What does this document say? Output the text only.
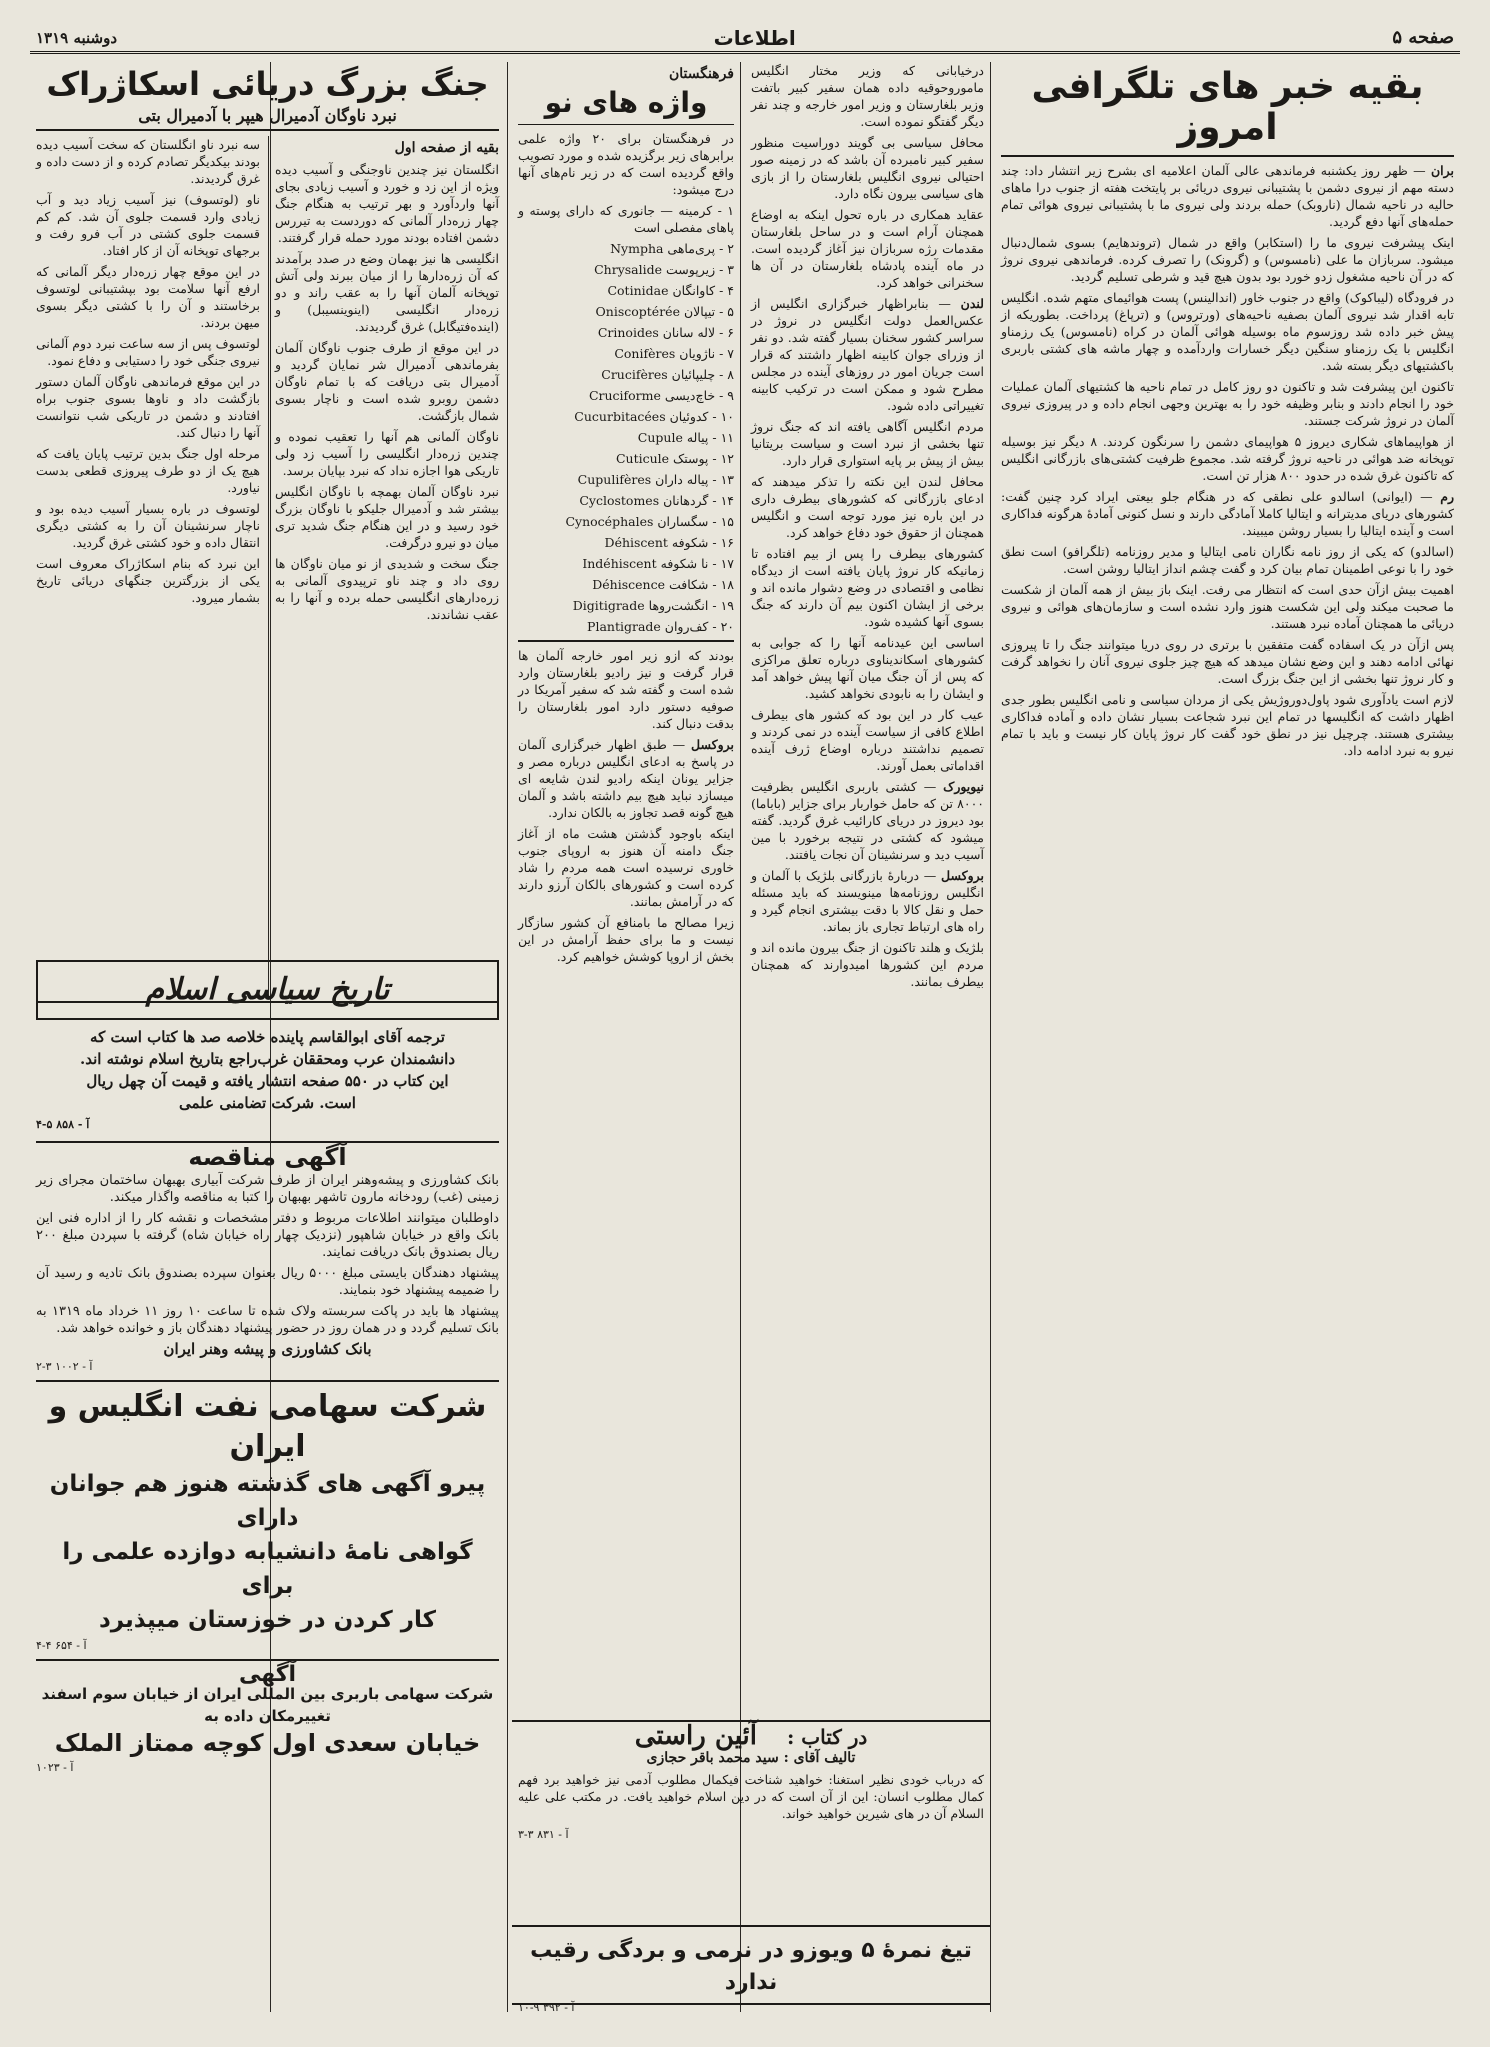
صفحه ۵
اطلاعات
دوشنبه‌ ۱۳۱۹
بقیه خبر های تلگرافی امروز

بران — ظهر روز یکشنبه فرماندهی عالی آلمان اعلامیه ای بشرح زیر انتشار داد: چند دسته مهم از نیروی دشمن با پشتیبانی نیروی دریائی بر پایتخت هفته از جنوب درا ماهای حالیه در ناحیه شمال (ناروبک) حمله بردند ولی نیروی ما با پشتیبانی نیروی هوائی تمام حمله‌های آنها دفع گردید.

اینک پیشرفت نیروی ما را (استکابر) واقع در شمال (تروندهایم) بسوی شمال‌دنبال میشود. سربازان ما علی (نامسوس) و (گرونک) را تصرف کرده. فرماندهی نیروی نروژ که در آن ناحیه مشغول زدو خورد بود بدون هیچ قید و شرطی تسلیم گردید.

در فرودگاه (لیباکوک) واقع در جنوب خاور (اندالینس) پست هوائیمای متهم شده. انگلیس تابه اقدار شد نیروی آلمان بصفیه ناحیه‌های (ورتروس) و (ترپاغ) پرداخت. بطوریکه از پیش خبر داده شد روزسوم ماه بوسیله هوائی آلمان در کراه (نامسوس) یک رزمناو انگلیس با یک رزمناو سنگین دیگر خسارات واردآمده و چهار ماشه های کشتی باربری باکشتیهای دیگر بسته شد.

تاکنون این پیشرفت شد و تاکنون دو روز کامل در تمام ناحیه ها کشتیهای آلمان عملیات خود را انجام دادند و بنابر وظیفه خود را به بهترین وجهی انجام داده و در پیروزی نیروی آلمان در نروژ شرکت جستند.

از هواپیماهای شکاری دیروز ۵ هواپیمای دشمن را سرنگون کردند. ۸ دیگر نیز بوسیله توپخانه ضد هوائی در ناحیه نروژ گرفته شد. مجموع ظرفیت کشتی‌های بازرگانی انگلیس که تاکنون غرق شده در حدود ۸۰۰ هزار تن است.

رم — (ایوانی) اسالدو علی نطقی که در هنگام جلو بیعتی ایراد کرد چنین گفت: کشورهای دریای مدیترانه و ایتالیا کاملا آمادگی دارند و نسل کنونی آمادهٔ هرگونه فداکاری است و آینده ایتالیا را بسیار روشن میبیند.

(اسالدو) که یکی از روز نامه نگاران نامی ایتالیا و مدیر روزنامه (تلگرافو) است نطق خود را با نوعی اطمینان تمام بیان کرد و گفت چشم انداز ایتالیا روشن است.

اهمیت بیش ازآن حدی است که انتظار می رفت. اینک باز بیش از همه آلمان از شکست ما صحبت میکند ولی این شکست هنوز وارد نشده است و سازمان‌های هوائی و نیروی دریائی ما همچنان آماده نبرد هستند.

پس ازآن در یک اسفاده گفت متفقین با برتری در روی دریا میتوانند جنگ را تا پیروزی نهائی ادامه دهند و این وضع نشان میدهد که هیچ چیز جلوی نیروی آنان را نخواهد گرفت و کار نروژ تنها بخشی از این جنگ بزرگ است.

لازم است یادآوری شود پاول‌دوروژیش یکی از مردان سیاسی و نامی انگلیس بطور جدی اظهار داشت که انگلیسها در تمام این نبرد شجاعت بسیار نشان داده و آماده فداکاری بیشتری هستند. چرچیل نیز در نطق خود گفت کار نروژ پایان کار نیست و باید با تمام نیرو به نبرد ادامه داد.

درخیابانی که وزیر مختار انگلیس ماموروحوقیه داده همان سفیر کبیر باتفت وزیر بلغارستان و وزیر امور خارجه و چند نفر دیگر گفتگو نموده است.

محافل سیاسی بی گویند دوراسیت منظور سفیر کبیر نامبرده آن باشد که در زمینه صور احتیالی نیروی انگلیس بلغارستان را از بازی های سیاسی بیرون نگاه دارد.

عقاید همکاری در باره تحول اینکه به اوضاع همچنان آرام است و در ساحل بلغارستان مقدمات رژه سربازان نیز آغاز گردیده است. در ماه آینده پادشاه بلغارستان در آن ها سخنرانی خواهد کرد.

لندن — بنابراظهار خبرگزاری انگلیس از عکس‌العمل دولت انگلیس در نروژ در سراسر کشور سخنان بسیار گفته شد. دو نفر از وزرای جوان کابینه اظهار داشتند که قرار است جریان امور در روزهای آینده در مجلس مطرح شود و ممکن است در ترکیب کابینه تغییراتی داده شود.

مردم انگلیس آگاهی یافته اند که جنگ نروژ تنها بخشی از نبرد است و سیاست بریتانیا بیش از پیش بر پایه استواری قرار دارد.

محافل لندن این نکته را تذکر میدهند که ادعای بازرگانی که کشورهای بیطرف داری در این باره نیز مورد توجه است و انگلیس همچنان از حقوق خود دفاع خواهد کرد.

کشورهای بیطرف را پس از بیم افتاده تا زمانیکه کار نروژ پایان یافته است از دیدگاه نظامی و اقتصادی در وضع دشوار مانده اند و برخی از ایشان اکنون بیم آن دارند که جنگ بسوی آنها کشیده شود.

اساسی این عیدنامه آنها را که جوابی به کشورهای اسکاندیناوی درباره تعلق مراکزی که پس از آن جنگ میان آنها پیش خواهد آمد و ایشان را به نابودی نخواهد کشید.

عیب کار در این بود که کشور های بیطرف اطلاع کافی از سیاست آینده در نمی کردند و تصمیم نداشتند درباره اوضاع ژرف آینده اقداماتی بعمل آورند.

نیویورک — کشتی باربری انگلیس بظرفیت ۸۰۰۰ تن که حامل خواربار برای جزایر (باباما) بود دیروز در دریای کارائیب غرق گردید. گفته میشود که کشتی در نتیجه برخورد با مین آسیب دید و سرنشینان آن نجات یافتند.

بروکسل — دربارهٔ بازرگانی بلژیک با آلمان و انگلیس روزنامه‌ها مینویسند که باید مسئله حمل و نقل کالا با دقت بیشتری انجام گیرد و راه های ارتباط تجاری باز بماند.

بلژیک و هلند تاکنون از جنگ بیرون مانده اند و مردم این کشورها امیدوارند که همچنان بیطرف بمانند.

فرهنگستان
واژه های نو

در فرهنگستان برای ۲۰ واژه علمی برابرهای زیر برگزیده شده و مورد تصویب واقع گردیده است که در زیر نام‌های آنها درج میشود:

۱ - کرمینه — جانوری که دارای پوسته و پاهای مفصلی است

۲ - پری‌ماهی Nympha

۳ - زیرپوست Chrysalide

۴ - کاوانگان Cotinidae

۵ - تیپالان Oniscoptérée

۶ - لاله سانان Crinoides

۷ - ناژویان Conifères

۸ - چلیپائیان Crucifères

۹ - خاچ‌دیسی Cruciforme

۱۰ - کدوئیان Cucurbitacées

۱۱ - پیاله Cupule

۱۲ - پوستک Cuticule

۱۳ - پیاله داران Cupulifères

۱۴ - گردهانان Cyclostomes

۱۵ - سگساران Cynocéphales

۱۶ - شکوفه Déhiscent

۱۷ - نا شکوفه Indéhiscent

۱۸ - شکافت Déhiscence

۱۹ - انگشت‌روها Digitigrade

۲۰ - کف‌روان Plantigrade

بودند که ازو زیر امور خارجه آلمان ها قرار گرفت و نیز رادیو بلغارستان وارد شده است و گفته شد که سفیر آمریکا در صوفیه دستور دارد امور بلغارستان را بدقت دنبال کند.

بروکسل — طبق اظهار خبرگزاری آلمان در پاسخ به ادعای انگلیس درباره مصر و جزایر یونان اینکه رادیو لندن شایعه ای میسازد نباید هیچ بیم داشته باشد و آلمان هیچ گونه قصد تجاوز به بالکان ندارد.

اینکه باوجود گذشتن هشت ماه از آغاز جنگ دامنه آن هنوز به اروپای جنوب خاوری نرسیده است همه مردم را شاد کرده است و کشورهای بالکان آرزو دارند که در آرامش بمانند.

زیرا مصالح ما بامنافع آن کشور سازگار نیست و ما برای حفظ آرامش در این بخش از اروپا کوشش خواهیم کرد.

جنگ بزرگ دریائی اسکاژراک
نبرد ناوگان آدمیرال هیپر با آدمیرال بتی
بقیه از صفحه اول

انگلستان نیز چندین ناوجنگی و آسیب دیده ویژه از این زد و خورد و آسیب زیادی بجای آنها واردآورد و بهر ترتیب به هنگام جنگ چهار زره‌دار آلمانی که دوردست به تیررس دشمن افتاده بودند مورد حمله قرار گرفتند.

انگلیسی ها نیز بهمان وضع در صدد برآمدند که آن زره‌دارها را از میان ببرند ولی آتش توپخانه آلمان آنها را به عقب راند و دو زره‌دار انگلیسی (اینوینسیبل) و (اینده‌فتیگابل) غرق گردیدند.

در این موقع از طرف جنوب ناوگان آلمان بفرماندهی آدمیرال شر نمایان گردید و آدمیرال بتی دریافت که با تمام ناوگان دشمن روبرو شده است و ناچار بسوی شمال بازگشت.

ناوگان آلمانی هم آنها را تعقیب نموده و چندین زره‌دار انگلیسی را آسیب زد ولی تاریکی هوا اجازه نداد که نبرد بپایان برسد.

نبرد ناوگان آلمان بهمچه با ناوگان انگلیس بیشتر شد و آدمیرال جلیکو با ناوگان بزرگ خود رسید و در این هنگام جنگ شدید تری میان دو نیرو درگرفت.

جنگ سخت و شدیدی از نو میان ناوگان ها روی داد و چند ناو ترپیدوی آلمانی به زره‌دارهای انگلیسی حمله برده و آنها را به عقب نشاندند.

سه نبرد ناو انگلستان که سخت آسیب دیده بودند بیکدیگر تصادم کرده و از دست داده و غرق گردیدند.

ناو (لوتسوف) نیز آسیب زیاد دید و آب زیادی وارد قسمت جلوی آن شد. کم کم قسمت جلوی کشتی در آب فرو رفت و برجهای توپخانه آن از کار افتاد.

در این موقع چهار زره‌دار دیگر آلمانی که ارفع آنها سلامت بود بپشتیبانی لوتسوف برخاستند و آن را با کشتی دیگر بسوی میهن بردند.

لوتسوف پس از سه ساعت نبرد دوم آلمانی نیروی جنگی خود را دستیابی و دفاع نمود.

در این موقع فرماندهی ناوگان آلمان دستور بازگشت داد و ناوها بسوی جنوب براه افتادند و دشمن در تاریکی شب نتوانست آنها را دنبال کند.

مرحله اول جنگ بدین ترتیب پایان یافت که هیچ یک از دو طرف پیروزی قطعی بدست نیاورد.

لوتسوف در باره بسیار آسیب دیده بود و ناچار سرنشینان آن را به کشتی دیگری انتقال داده و خود کشتی غرق گردید.

این نبرد که بنام اسکاژراک معروف است یکی از بزرگترین جنگهای دریائی تاریخ بشمار میرود.

تاریخ سیاسی اسلام
ترجمه آقای ابوالقاسم پاینده خلاصه صد ها کتاب است که
دانشمندان عرب ومحققان غرب‌راجع بتاریخ اسلام نوشته اند.
این کتاب در ۵۵۰ صفحه انتشار یافته و قیمت آن چهل ریال
است. شرکت تضامنی علمی
آ - ۸۵۸ ۵-۴
آگهی مناقصه

بانک کشاورزی و پیشه‌وهنر ایران از طرف شرکت آبیاری بهبهان ساختمان مجرای زیر زمینی (غب) رودخانه مارون تاشهر بهبهان را کتبا به مناقصه واگذار میکند.

داوطلبان میتوانند اطلاعات مربوط و دفتر مشخصات و نقشه کار را از اداره فنی این بانک واقع در خیابان شاهپور (نزدیک چهار راه خیابان شاه) گرفته با سپردن مبلغ ۲۰۰ ریال بصندوق بانک دریافت نمایند.

پیشنهاد دهندگان بایستی مبلغ ۵۰۰۰ ریال بعنوان سپرده بصندوق بانک تادیه و رسید آن را ضمیمه پیشنهاد خود بنمایند.

پیشنهاد ها باید در پاکت سربسته ولاک شده تا ساعت ۱۰ روز ۱۱ خرداد ماه ۱۳۱۹ به بانک تسلیم گردد و در همان روز در حضور پیشنهاد دهندگان باز و خوانده خواهد شد.

بانک کشاورزی و پیشه وهنر ایران
آ - ۱۰۰۲ ۳-۲
شرکت سهامی نفت انگلیس و ایران
پیرو آگهی های گذشته هنوز هم جوانان دارای
گواهی نامهٔ دانشیابه دوازده علمی را برای
کار کردن در خوزستان میپذیرد
آ - ۶۵۴ ۴-۴
آگهی
شرکت سهامی باربری بین المللی ایران از خیابان سوم اسفند
تغییرمکان داده به
خیابان سعدی اول کوچه ممتاز الملک
آ - ۱۰۲۳
در کتاب :
آئین راستی
تالیف آقای : سید محمد باقر حجازی

که درباب خودی نظیر استغنا: خواهید شناخت فیکمال مطلوب آدمی نیز خواهید برد فهم کمال مطلوب انسان: این از آن است که در دین اسلام خواهید یافت. در مکتب علی علیه السلام آن در های شیرین خواهید خواند.

آ - ۸۳۱ ۳-۳
تیغ نمرهٔ ۵ ویوزو در نرمی و بردگی رقیب ندارد
آ - ۳۹۲ ۹-۱۰
